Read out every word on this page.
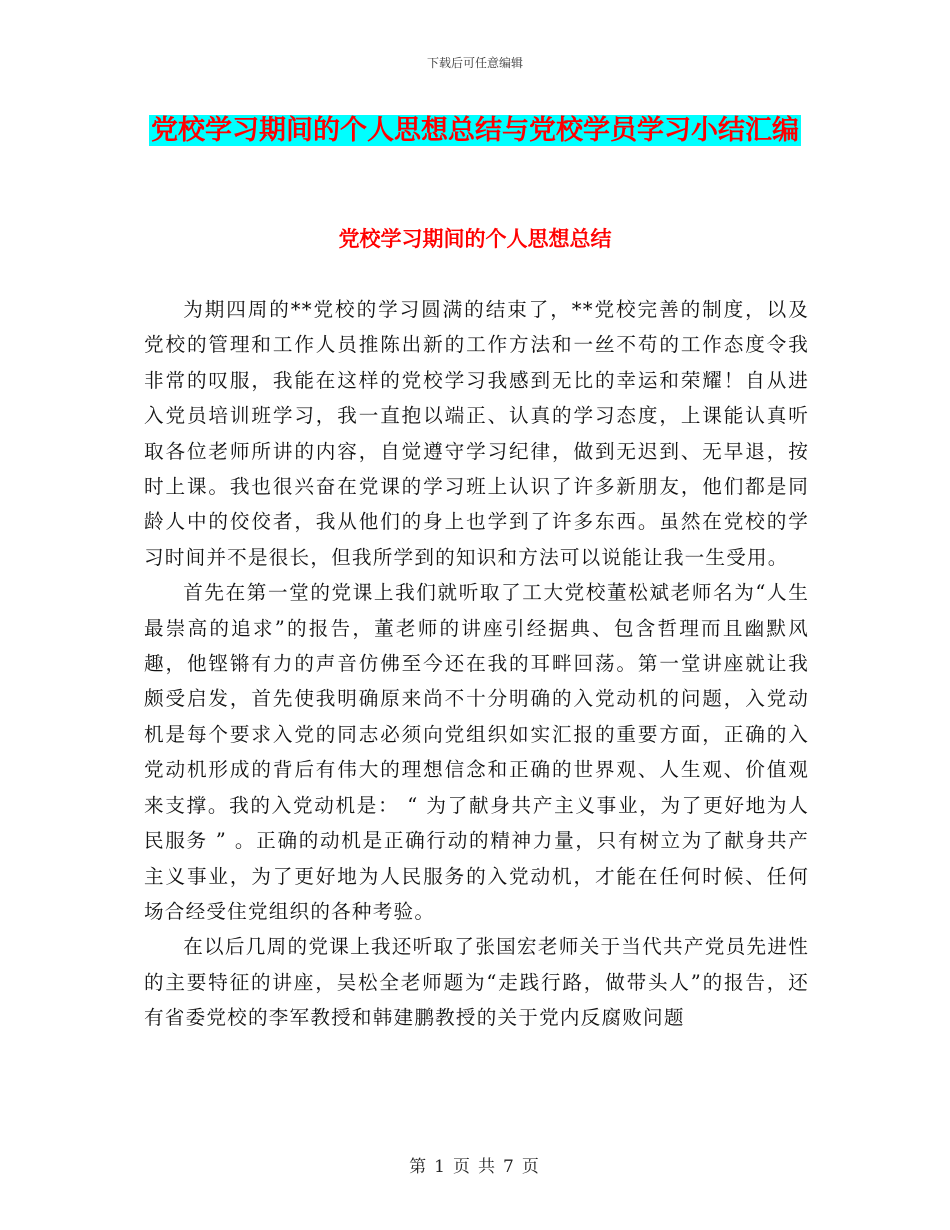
下载后可任意编辑
党校学习期间的个人思想总结与党校学员学习小结汇编
党校学习期间的个人思想总结

为期四周的**党校的学习圆满的结束了，**党校完善的制度，以及党校的管理和工作人员推陈出新的工作方法和一丝不苟的工作态度令我非常的叹服，我能在这样的党校学习我感到无比的幸运和荣耀！自从进入党员培训班学习，我一直抱以端正、认真的学习态度，上课能认真听取各位老师所讲的内容，自觉遵守学习纪律，做到无迟到、无早退，按时上课。我也很兴奋在党课的学习班上认识了许多新朋友，他们都是同龄人中的佼佼者，我从他们的身上也学到了许多东西。虽然在党校的学习时间并不是很长，但我所学到的知识和方法可以说能让我一生受用。

首先在第一堂的党课上我们就听取了工大党校董松斌老师名为“人生最崇高的追求”的报告，董老师的讲座引经据典、包含哲理而且幽默风趣，他铿锵有力的声音仿佛至今还在我的耳畔回荡。第一堂讲座就让我颇受启发，首先使我明确原来尚不十分明确的入党动机的问题，入党动机是每个要求入党的同志必须向党组织如实汇报的重要方面，正确的入党动机形成的背后有伟大的理想信念和正确的世界观、人生观、价值观来支撑。我的入党动机是： “ 为了献身共产主义事业，为了更好地为人民服务 ” 。正确的动机是正确行动的精神力量，只有树立为了献身共产主义事业，为了更好地为人民服务的入党动机，才能在任何时候、任何场合经受住党组织的各种考验。

在以后几周的党课上我还听取了张国宏老师关于当代共产党员先进性的主要特征的讲座，吴松全老师题为“走践行路，做带头人”的报告，还有省委党校的李军教授和韩建鹏教授的关于党内反腐败问题

第 1 页 共 7 页
